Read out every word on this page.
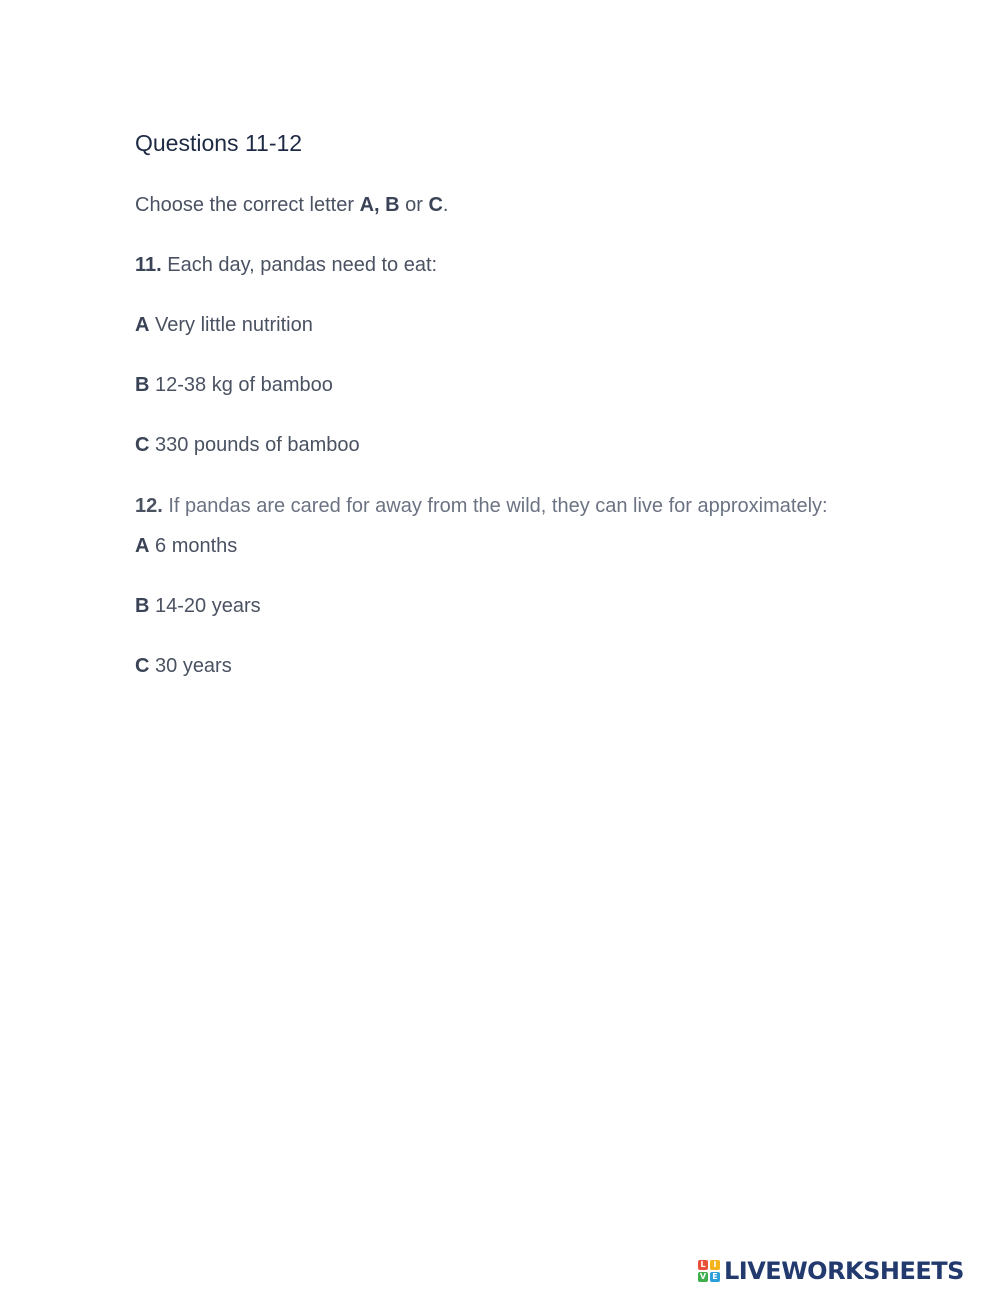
Questions 11-12
Choose the correct letter A, B or C.
11. Each day, pandas need to eat:
A Very little nutrition
B 12-38 kg of bamboo
C 330 pounds of bamboo
12. If pandas are cared for away from the wild, they can live for approximately:
A 6 months
B 14-20 years
C 30 years
L I
V E LIVEWORKSHEETS
